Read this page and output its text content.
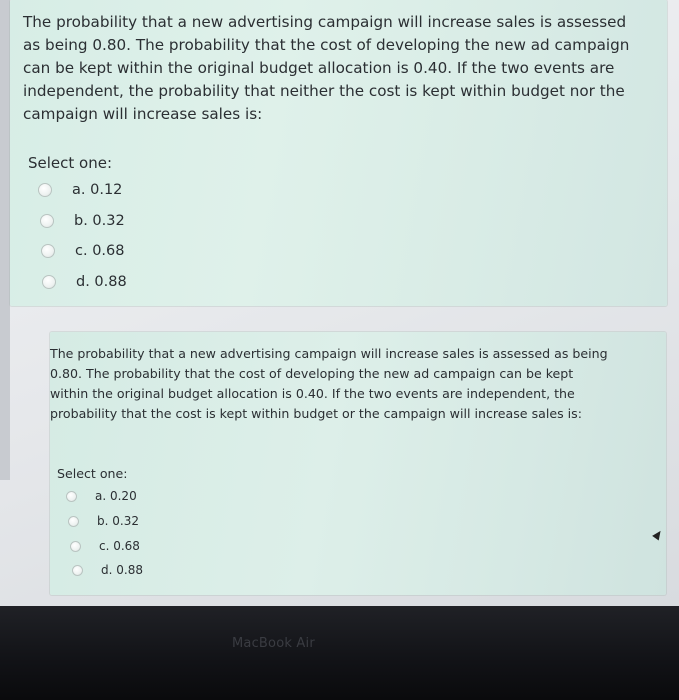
The probability that a new advertising campaign will increase sales is assessed as being 0.80. The probability that the cost of developing the new ad campaign can be kept within the original budget allocation is 0.40. If the two events are independent, the probability that neither the cost is kept within budget nor the campaign will increase sales is:

Select one:
a. 0.12
b. 0.32
c. 0.68
d. 0.88

The probability that a new advertising campaign will increase sales is assessed as being 0.80. The probability that the cost of developing the new ad campaign can be kept within the original budget allocation is 0.40. If the two events are independent, the probability that the cost is kept within budget or the campaign will increase sales is:

Select one:
a. 0.20
b. 0.32
c. 0.68
d. 0.88
MacBook Air
